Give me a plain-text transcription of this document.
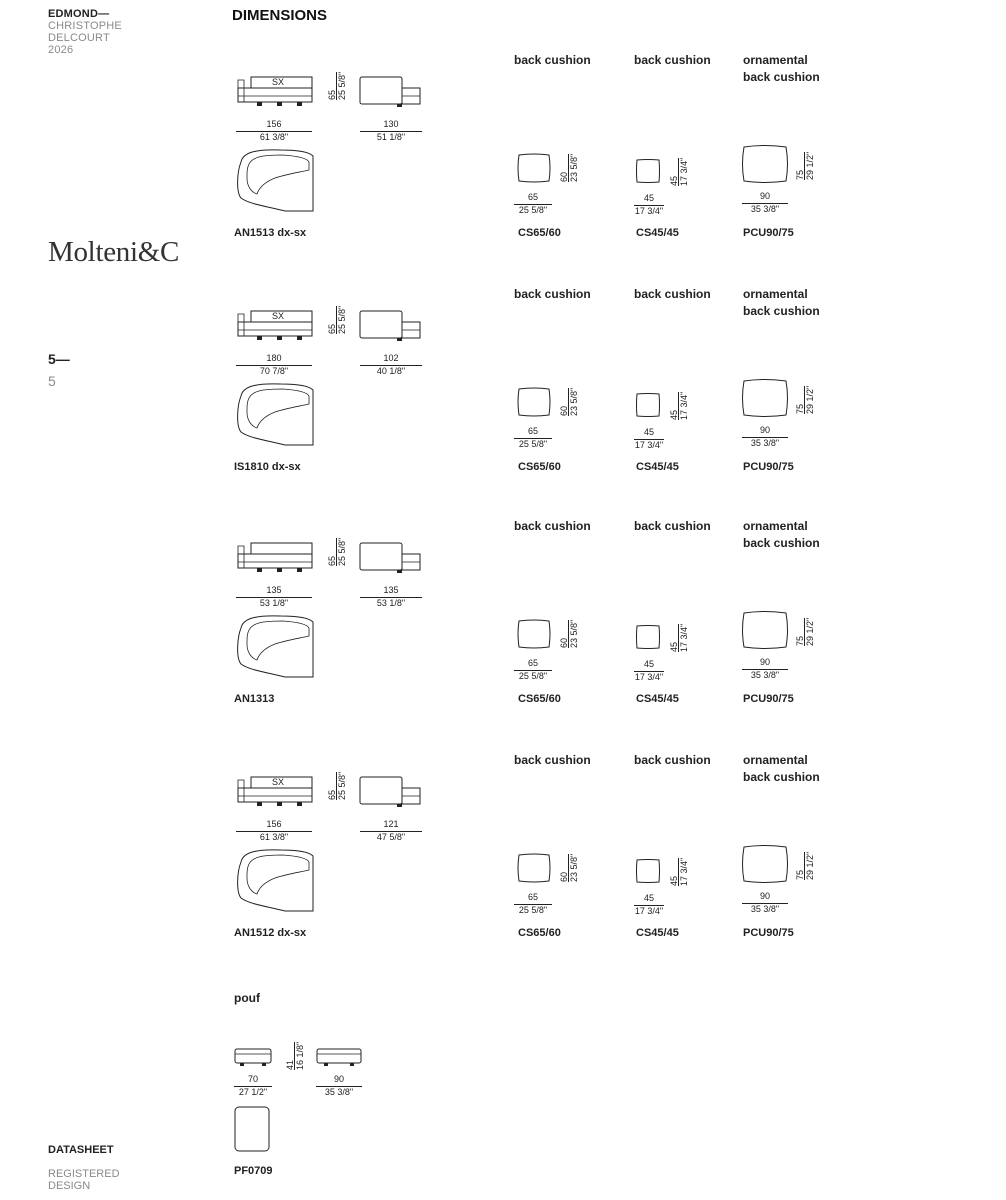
EDMOND—
CHRISTOPHE
DELCOURT
2026
Molteni&C
5—
5
DATASHEET
REGISTERED
DESIGN
DIMENSIONS
SX
65
25 5/8"
156
61 3/8"
130
51 1/8"
AN1513 dx-sx
back cushion	back cushion	ornamental
back cushion
60
23 5/8"
65
25 5/8"
CS65/60
45
17 3/4"
45
17 3/4"
CS45/45
75
29 1/2"
90
35 3/8"
PCU90/75
SX
65
25 5/8"
180
70 7/8"
102
40 1/8"
IS1810 dx-sx
back cushion	back cushion	ornamental
back cushion
60
23 5/8"
65
25 5/8"
CS65/60
45
17 3/4"
45
17 3/4"
CS45/45
75
29 1/2"
90
35 3/8"
PCU90/75
65
25 5/8"
135
53 1/8"
135
53 1/8"
AN1313
back cushion	back cushion	ornamental
back cushion
60
23 5/8"
65
25 5/8"
CS65/60
45
17 3/4"
45
17 3/4"
CS45/45
75
29 1/2"
90
35 3/8"
PCU90/75
SX
65
25 5/8"
156
61 3/8"
121
47 5/8"
AN1512 dx-sx
back cushion	back cushion	ornamental
back cushion
60
23 5/8"
65
25 5/8"
CS65/60
45
17 3/4"
45
17 3/4"
CS45/45
75
29 1/2"
90
35 3/8"
PCU90/75
pouf
41
16 1/8"
70
27 1/2"
90
35 3/8"
PF0709
